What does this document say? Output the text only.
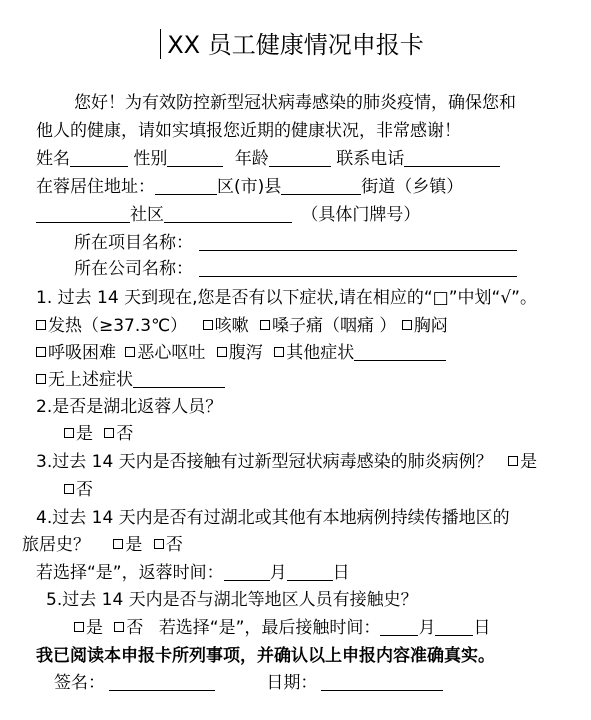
XX 员工健康情况申报卡
您好！为有效防控新型冠状病毒感染的肺炎疫情，确保您和
他人的健康，请如实填报您近期的健康状况，非常感谢！
姓名	性别	年龄	联系电话
在蓉居住地址：	区(市)县	街道（乡镇）
社区	（具体门牌号）
所在项目名称：
所在公司名称：
1. 过去 14 天到现在,您是否有以下症状,请在相应的“□”中划“√”。
发热（≥37.3℃） 咳嗽 嗓子痛（咽痛 ） 胸闷
呼吸困难 恶心呕吐 腹泻 其他症状
无上述症状
2.是否是湖北返蓉人员？
是 否
3.过去 14 天内是否接触有过新型冠状病毒感染的肺炎病例？ 是
否
4.过去 14 天内是否有过湖北或其他有本地病例持续传播地区的
旅居史？ 是 否
若选择“是”，返蓉时间：	月	日
5.过去 14 天内是否与湖北等地区人员有接触史？
是 否 若选择“是”，最后接触时间： 月 日
我已阅读本申报卡所列事项，并确认以上申报内容准确真实。
签名：	日期：
